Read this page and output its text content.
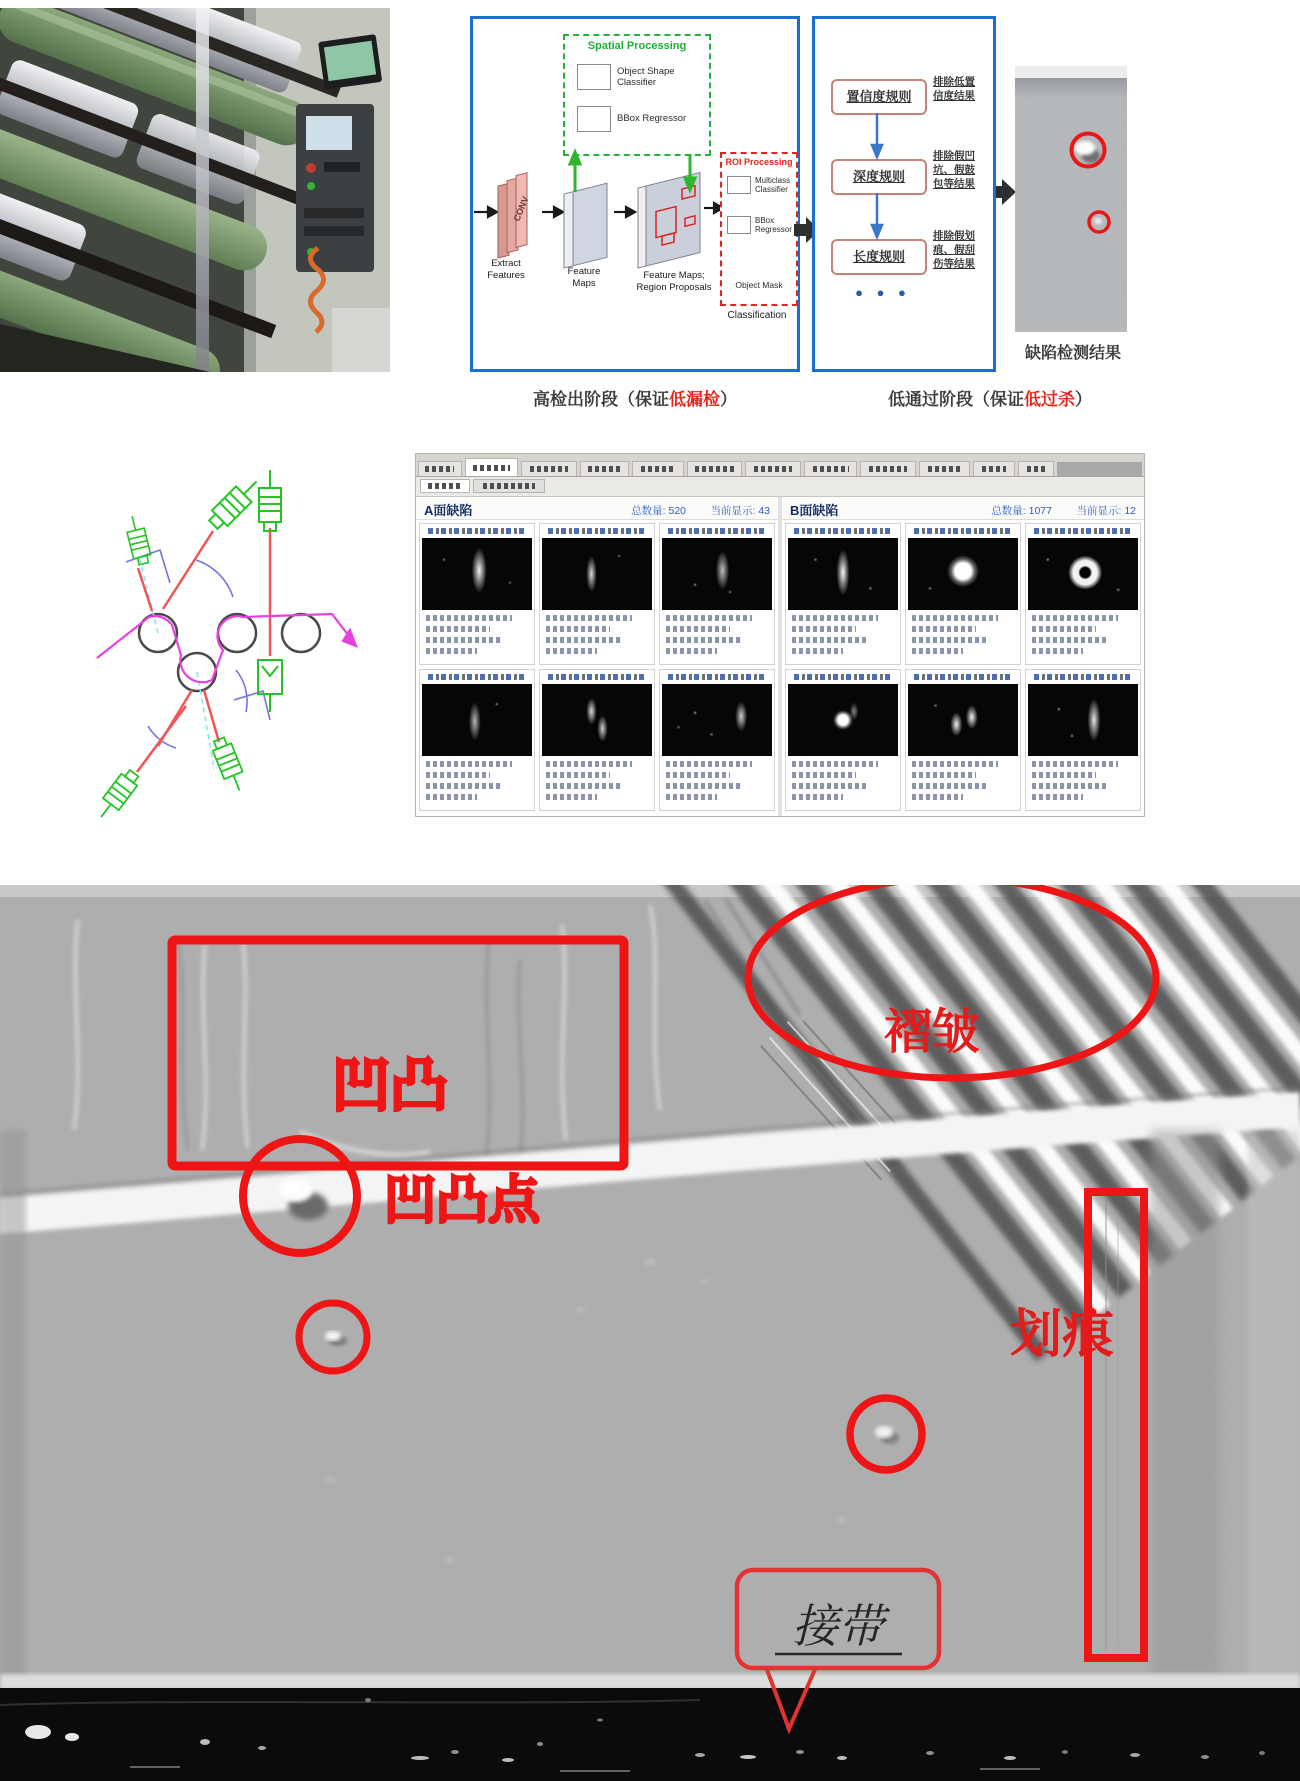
Spatial Processing
Object Shape Classifier
BBox Regressor
CONV
Extract Features	Feature Maps
Feature Maps; Region Proposals
ROI Processing
Multiclass Classifier
BBox Regressor
Object Mask
Classification
置信度规则
排除低置信度结果
深度规则
排除假凹坑、假鼓包等结果
长度规则
排除假划痕、假刮伤等结果
● ● ●
高检出阶段（保证低漏检）	低通过阶段（保证低过杀）
缺陷检测结果
A面缺陷	总数量: 520 当前显示: 43 B面缺陷	总数量: 1077 当前显示: 12
凹凸
褶皱
凹凸点
划痕
接带
